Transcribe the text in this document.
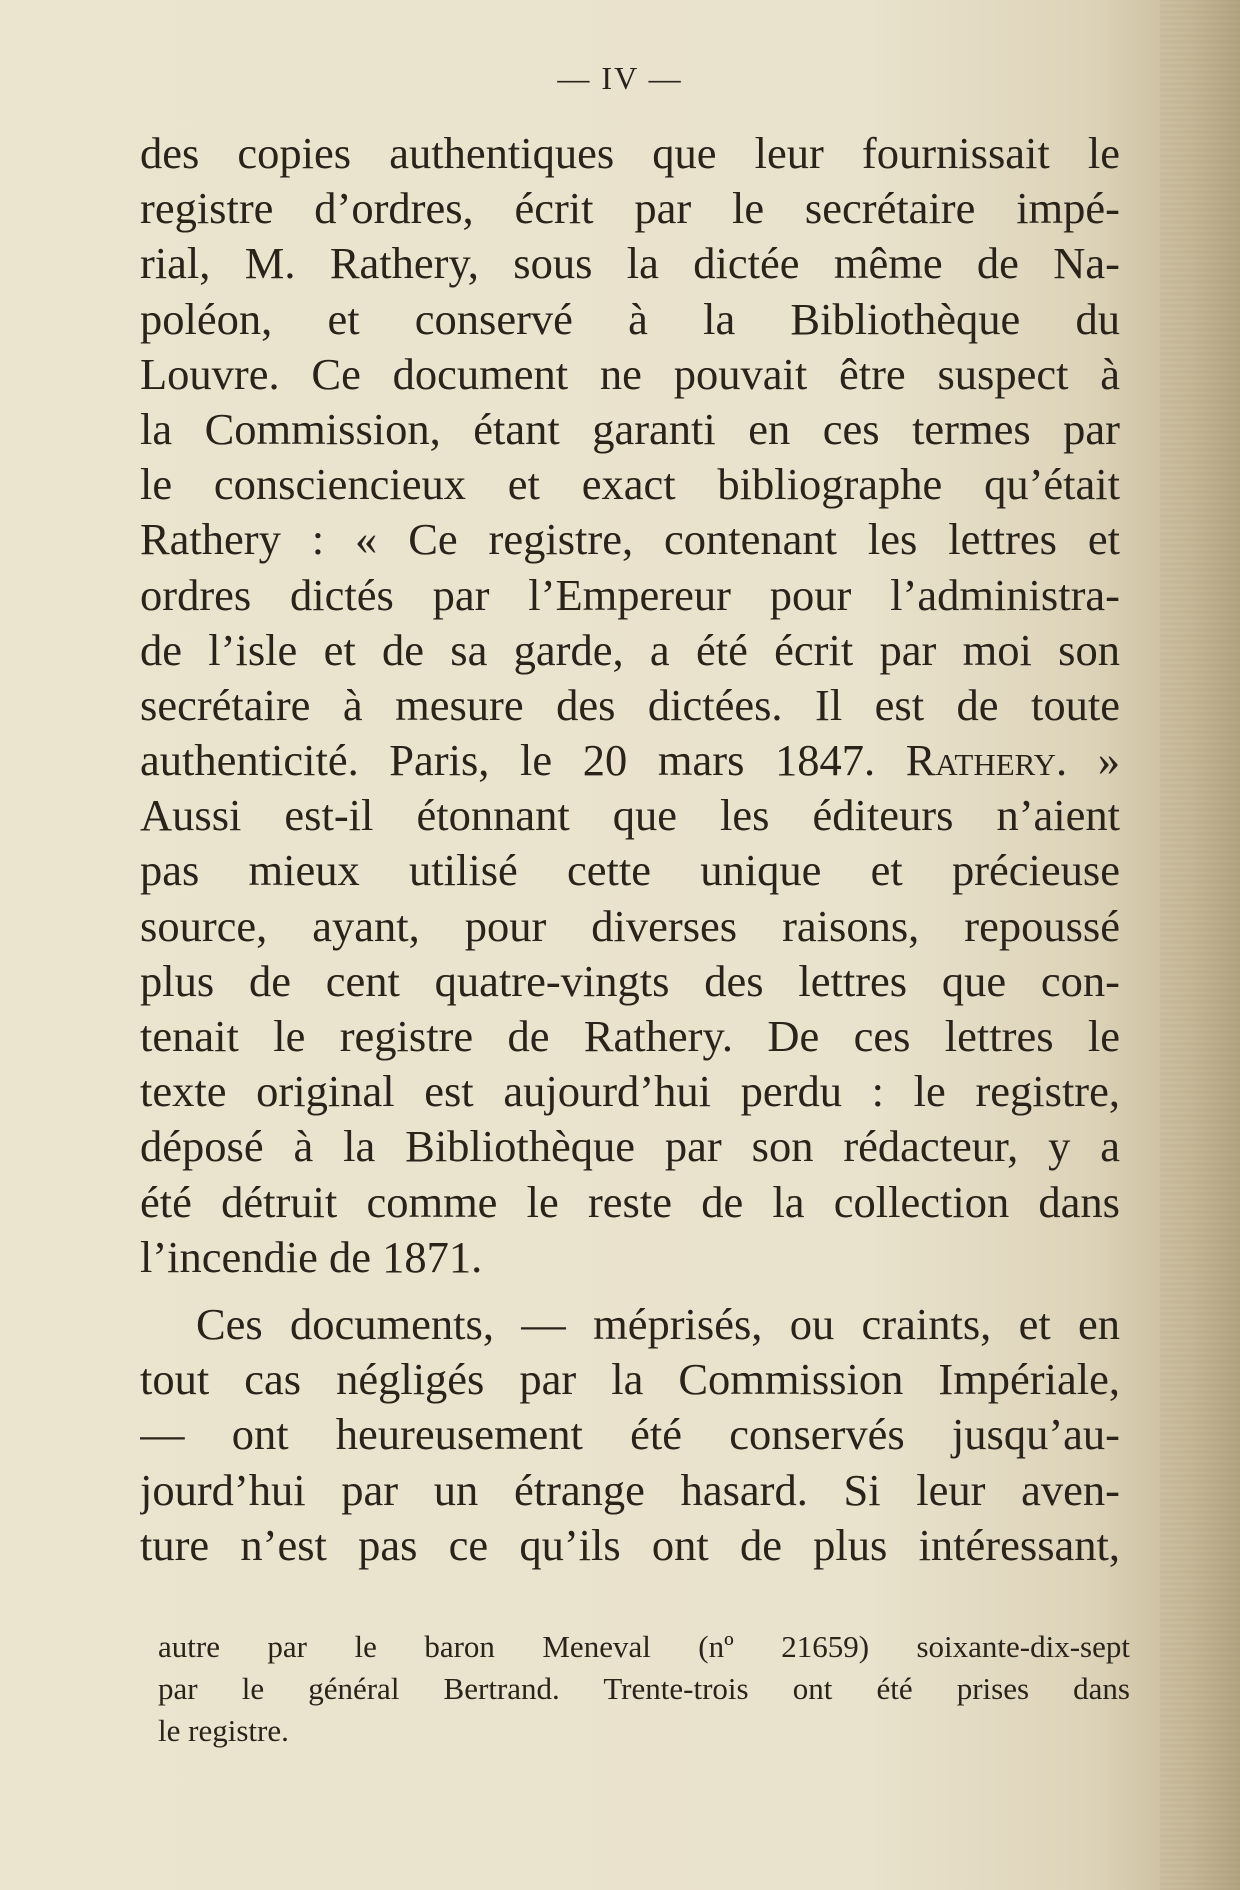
— IV —
des copies authentiques que leur fournissait le
registre d’ordres, écrit par le secrétaire impé-
rial, M. Rathery, sous la dictée même de Na-
poléon, et conservé à la Bibliothèque du
Louvre. Ce document ne pouvait être suspect à
la Commission, étant garanti en ces termes par
le consciencieux et exact bibliographe qu’était
Rathery : « Ce registre, contenant les lettres et
ordres dictés par l’Empereur pour l’administra-
de l’isle et de sa garde, a été écrit par moi son
secrétaire à mesure des dictées. Il est de toute
authenticité. Paris, le 20 mars 1847. Rathery. »
Aussi est-il étonnant que les éditeurs n’aient
pas mieux utilisé cette unique et précieuse
source, ayant, pour diverses raisons, repoussé
plus de cent quatre-vingts des lettres que con-
tenait le registre de Rathery. De ces lettres le
texte original est aujourd’hui perdu : le registre,
déposé à la Bibliothèque par son rédacteur, y a
été détruit comme le reste de la collection dans
l’incendie de 1871.
Ces documents, — méprisés, ou craints, et en
tout cas négligés par la Commission Impériale,
— ont heureusement été conservés jusqu’au-
jourd’hui par un étrange hasard. Si leur aven-
ture n’est pas ce qu’ils ont de plus intéressant,
autre par le baron Meneval (nº 21659) soixante-dix-sept
par le général Bertrand. Trente-trois ont été prises dans
le registre.
